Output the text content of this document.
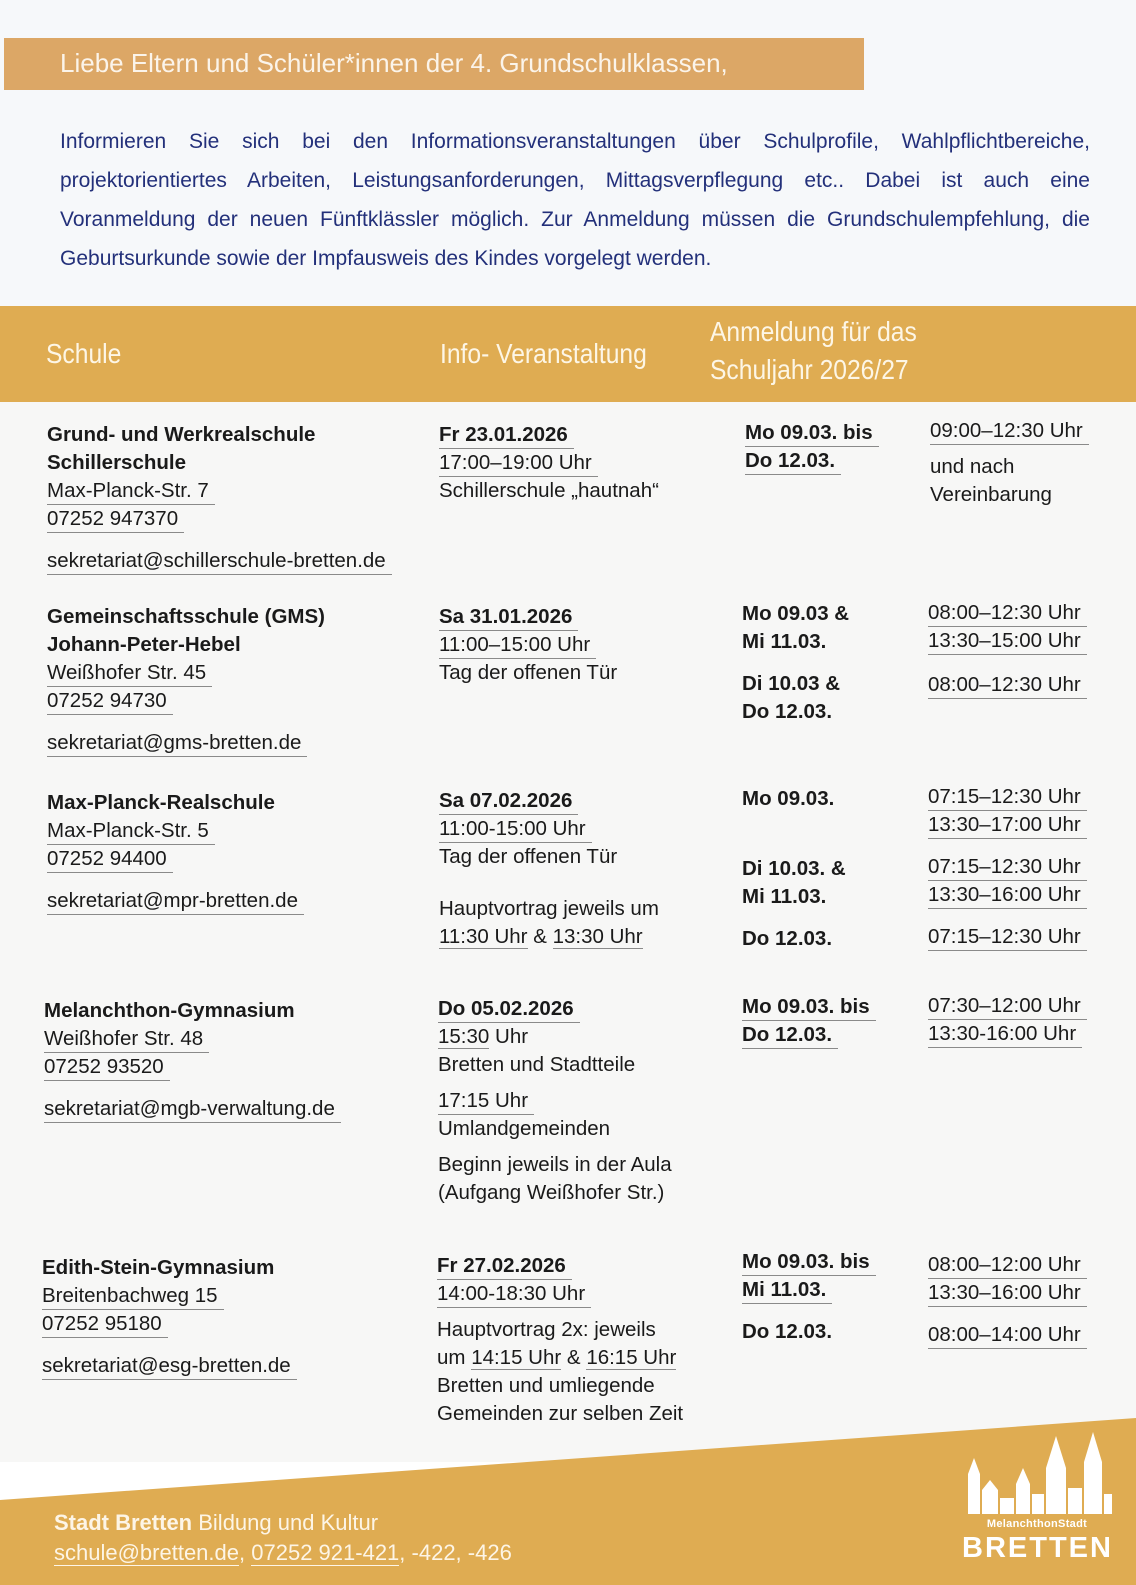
Liebe Eltern und Schüler*innen der 4. Grundschulklassen,

Informieren Sie sich bei den Informationsveranstaltungen über Schulprofile, Wahlpflichtbereiche, projektorientiertes Arbeiten, Leistungsanforderungen, Mittagsverpflegung etc.. Dabei ist auch eine Voranmeldung der neuen Fünftklässler möglich. Zur Anmeldung müssen die Grundschulempfehlung, die Geburtsurkunde sowie der Impfausweis des Kindes vorgelegt werden.

Schule	Info- Veranstaltung
Anmeldung für das
Schuljahr 2026/27
Grund- und Werkrealschule
Schillerschule
Max-Planck-Str. 7
07252 947370
sekretariat@schillerschule-bretten.de
Fr 23.01.2026
17:00–19:00 Uhr
Schillerschule „hautnah“
Mo 09.03. bis
Do 12.03.
09:00–12:30 Uhr
und nach
Vereinbarung
Gemeinschaftsschule (GMS)
Johann-Peter-Hebel
Weißhofer Str. 45
07252 94730
sekretariat@gms-bretten.de
Sa 31.01.2026
11:00–15:00 Uhr
Tag der offenen Tür
Mo 09.03 &
Mi 11.03.
Di 10.03 &
Do 12.03.
08:00–12:30 Uhr
13:30–15:00 Uhr
08:00–12:30 Uhr
Max-Planck-Realschule
Max-Planck-Str. 5
07252 94400
sekretariat@mpr-bretten.de
Sa 07.02.2026
11:00-15:00 Uhr
Tag der offenen Tür
Hauptvortrag jeweils um
11:30 Uhr & 13:30 Uhr
Mo 09.03.
Di 10.03. &
Mi 11.03.
Do 12.03.
07:15–12:30 Uhr
13:30–17:00 Uhr
07:15–12:30 Uhr
13:30–16:00 Uhr
07:15–12:30 Uhr
Melanchthon-Gymnasium
Weißhofer Str. 48
07252 93520
sekretariat@mgb-verwaltung.de
Do 05.02.2026
15:30 Uhr
Bretten und Stadtteile
17:15 Uhr
Umlandgemeinden
Beginn jeweils in der Aula
(Aufgang Weißhofer Str.)
Mo 09.03. bis
Do 12.03.
07:30–12:00 Uhr
13:30-16:00 Uhr
Edith-Stein-Gymnasium
Breitenbachweg 15
07252 95180
sekretariat@esg-bretten.de
Fr 27.02.2026
14:00-18:30 Uhr
Hauptvortrag 2x: jeweils
um 14:15 Uhr & 16:15 Uhr
Bretten und umliegende
Gemeinden zur selben Zeit
Mo 09.03. bis
Mi 11.03.
Do 12.03.
08:00–12:00 Uhr
13:30–16:00 Uhr
08:00–14:00 Uhr
Stadt Bretten Bildung und Kultur
schule@bretten.de, 07252 921-421, -422, -426
MelanchthonStadt
BRETTEN
